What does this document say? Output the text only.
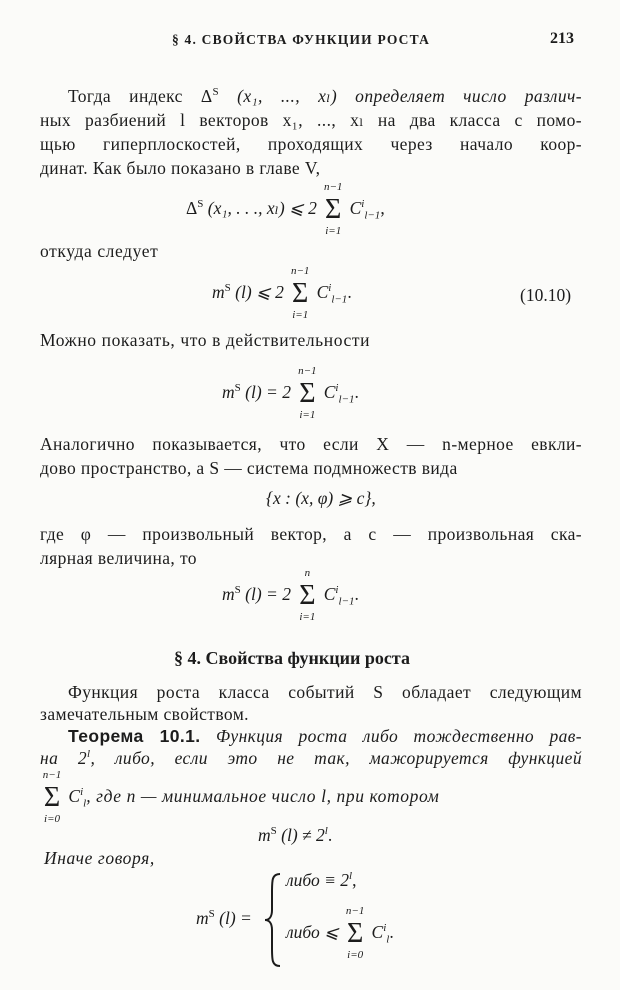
§ 4. СВОЙСТВА ФУНКЦИИ РОСТА	213
Тогда индекс $\Delta^S$ (x₁, ..., xₗ) определяет число различ-
ных разбиений l векторов x₁, ..., xₗ на два класса с помо-
щью гиперплоскостей, проходящих через начало коор-
динат. Как было показано в главе V,
$\Delta^S$ (x₁, . . ., xₗ) ⩽ 2
n−1
Σ
i=1
$C^i_{l-1}$,
откуда следует
$m^S$ (l) ⩽ 2
n−1
Σ
i=1
$C^i_{l-1}$.	(10.10)
Можно показать, что в действительности
$m^S$ (l) = 2
n−1
Σ
i=1
$C^i_{l-1}$.
Аналогично показывается, что если X — n-мерное евкли-
дово пространство, а S — система подмножеств вида
{x : (x, φ) ⩾ c},
где φ — произвольный вектор, а c — произвольная ска-
лярная величина, то
$m^S$ (l) = 2
n
Σ
i=1
$C^i_{l-1}$.
§ 4. Свойства функции роста
Функция роста класса событий S обладает следующим
замечательным свойством.
Теорема 10.1. Функция роста либо тождественно рав-
на 2$^l$, либо, если это не так, мажорируется функцией
n−1
Σ
i=0
$C^i_l$, где n — минимальное число l, при котором
$m^S$ $(l) \ne 2^l$.
Иначе говоря,
$m^S$ (l) =
либо ≡ $2^l$,
либо ⩽
n−1
Σ
i=0
$C^i_l$.
